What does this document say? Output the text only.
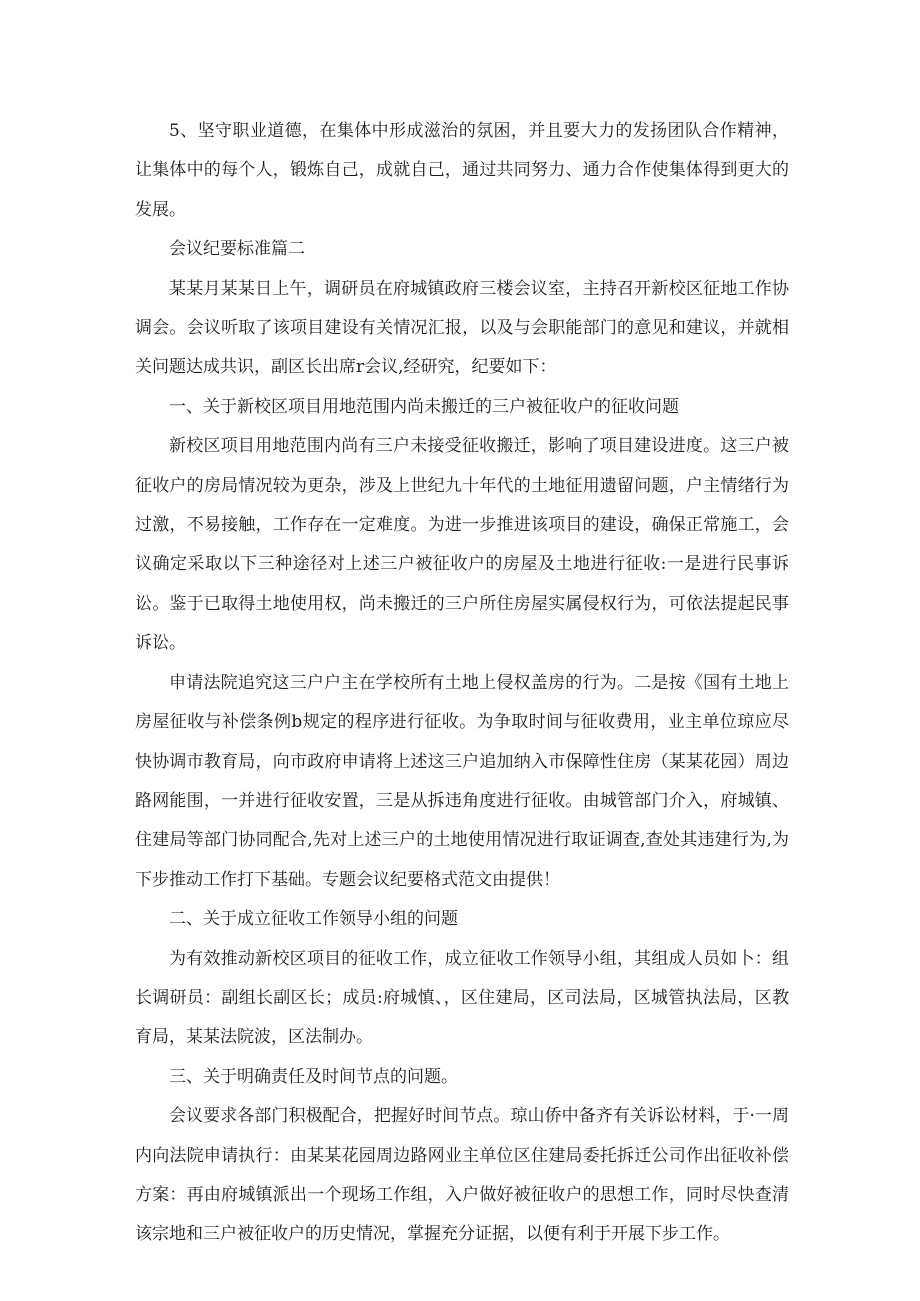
5、坚守职业道德，在集体中形成滋治的氛困，并且要大力的发扬团队合作精神，让集体中的每个人，锻炼自己，成就自己，通过共同努力、通力合作使集体得到更大的发展。

会议纪要标准篇二

某某月某某日上午，调研员在府城镇政府三楼会议室，主持召开新校区征地工作协调会。会议听取了该项目建设有关情况汇报，以及与会职能部门的意见和建议，并就相关问题达成共识，副区长出席r会议,经研究，纪要如下：

一、关于新校区项目用地范围内尚未搬迁的三户被征收户的征收问题

新校区项目用地范围内尚有三户未接受征收搬迁，影响了项目建设进度。这三户被征收户的房局情况较为更杂，涉及上世纪九十年代的土地征用遗留问题，户主情绪行为过激，不易接触，工作存在一定难度。为进一步推进该项目的建设，确保正常施工，会议确定采取以下三种途径对上述三户被征收户的房屋及土地进行征收:一是进行民事诉讼。鉴于已取得土地使用权，尚未搬迁的三户所住房屋实属侵权行为，可依法提起民事诉讼。

申请法院追究这三户户主在学校所有土地上侵权盖房的行为。二是按《国有土地上房屋征收与补偿条例b规定的程序进行征收。为争取时间与征收费用，业主单位琼应尽快协调市教育局，向市政府申请将上述这三户追加纳入市保障性住房（某某花园）周边路网能围，一并进行征收安置，三是从拆违角度进行征收。由城管部门介入，府城镇、住建局等部门协同配合,先对上述三户的土地使用情况进行取证调查,查处其违建行为,为下步推动工作打下基础。专题会议纪要格式范文由提供！

二、关于成立征收工作领导小组的问题

为有效推动新校区项目的征收工作，成立征收工作领导小组，其组成人员如卜：组长调研员：副组长副区长；成员:府城慎、，区住建局，区司法局，区城管执法局，区教育局，某某法院波，区法制办。

三、关于明确责任及时间节点的问题。

会议要求各部门积极配合，把握好时间节点。琼山侨中备齐有关诉讼材料，于·一周内向法院申请执行：由某某花园周边路网业主单位区住建局委托拆迁公司作出征收补偿方案：再由府城镇派出一个现场工作组，入户做好被征收户的思想工作，同时尽快查清该宗地和三户被征收户的历史情况，掌握充分证据，以便有利于开展下步工作。
